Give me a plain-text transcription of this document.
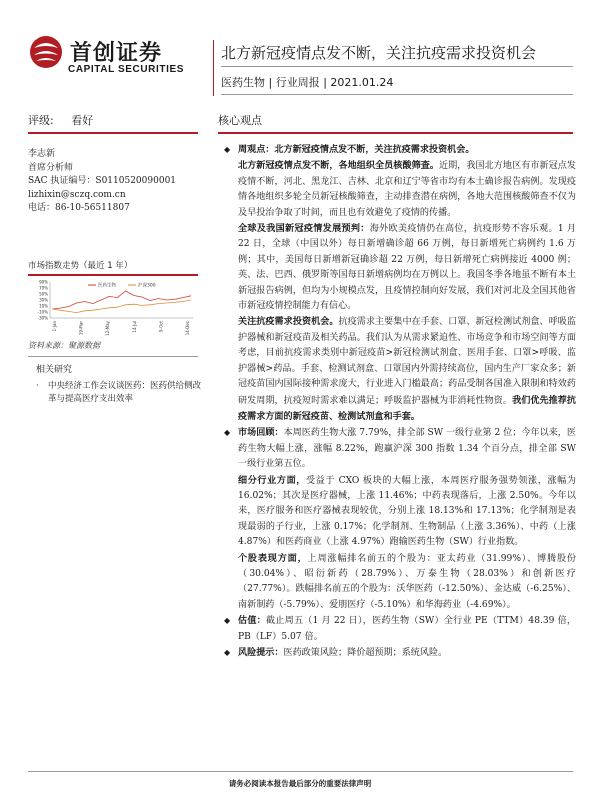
首创证券
CAPITAL SECURITIES
北方新冠疫情点发不断，关注抗疫需求投资机会
医药生物 | 行业周报 | 2021.01.24
评级: 看好	核心观点
李志新
首席分析师
SAC 执证编号：S0110520090001
lizhixin@sczq.com.cn
电话：86-10-56511807
市场指数走势（最近 1 年）
90%
70%
50%
30%
10%
-10%
-30%
1-Jan	19-Mar	12-May	14-Jul	9-Oct	14-Dec
医药生物	沪深300
资料来源：聚源数据
相关研究
·	中央经济工作会议谈医药：医药供给侧改革与提高医疗支出效率
◆ 周观点：北方新冠疫情点发不断，关注抗疫需求投资机会。
北方新冠疫情点发不断，各地组织全员核酸筛查。近期，我国北方地区有市新冠点发疫情不断，河北、黑龙江、吉林、北京和辽宁等省市均有本土确诊报告病例。发现疫情各地组织多轮全员新冠核酸筛查，主动排查潜在病例，各地大范围核酸筛查不仅为及早投治争取了时间，而且也有效避免了疫情的传播。
全球及我国新冠疫情发展预判：海外欧美疫情仍在高位，抗疫形势不容乐观。1 月 22 日，全球（中国以外）每日新增确诊超 66 万例，每日新增死亡病例约 1.6 万例；其中，美国每日新增新冠确诊超 22 万例，每日新增死亡病例接近 4000 例；英、法、巴西、俄罗斯等国每日新增病例均在万例以上。我国冬季各地虽不断有本土新冠报告病例，但均为小规模点发，且疫情控制向好发展，我们对河北及全国其他省市新冠疫情控制能力有信心。
关注抗疫需求投资机会。抗疫需求主要集中在手套、口罩、新冠检测试剂盒、呼吸监护器械和新冠疫苗及相关药品。我们认为从需求紧迫性、市场竞争和市场空间等方面考虑，目前抗疫需求类别中新冠疫苗>新冠检测试剂盒、医用手套、口罩>呼吸、监护器械>药品。手套、检测试剂盒、口罩国内外需持续高位，国内生产厂家众多；新冠疫苗国内国际接种需求庞大，行业进入门槛最高；药品受制各国准入限制和特效药研发周期，抗疫短时需求难以满足；呼吸监护器械为非消耗性物资。我们优先推荐抗疫需求方面的新冠疫苗、检测试剂盒和手套。
◆ 市场回顾：本周医药生物大涨 7.79%，排全部 SW 一级行业第 2 位；今年以来，医药生物大幅上涨，涨幅 8.22%，跑赢沪深 300 指数 1.34 个百分点，排全部 SW 一级行业第五位。
细分行业方面，受益于 CXO 板块的大幅上涨，本周医疗服务强势领涨，涨幅为 16.02%；其次是医疗器械，上涨 11.46%；中药表现落后，上涨 2.50%。今年以来，医疗服务和医疗器械表现较优，分别上涨 18.13%和 17.13%；化学制剂是表现最弱的子行业，上涨 0.17%；化学制剂、生物制品（上涨 3.36%）、中药（上涨 4.87%）和医药商业（上涨 4.97%）跑输医药生物（SW）行业指数。
个股表现方面，上周涨幅排名前五的个股为：亚太药业（31.99%）、博腾股份（30.04%）、昭衍新药（28.79%）、万泰生物（28.03%）和创新医疗（27.77%）。跌幅排名前五的个股为：沃华医药（-12.50%）、金达威（-6.25%）、南新制药（-5.79%）、爱朋医疗（-5.10%）和华海药业（-4.69%）。
◆ 估值：截止周五（1 月 22 日），医药生物（SW）全行业 PE（TTM）48.39 倍，PB（LF）5.07 倍。
◆ 风险提示：医药政策风险；降价超预期；系统风险。
请务必阅读本报告最后部分的重要法律声明
